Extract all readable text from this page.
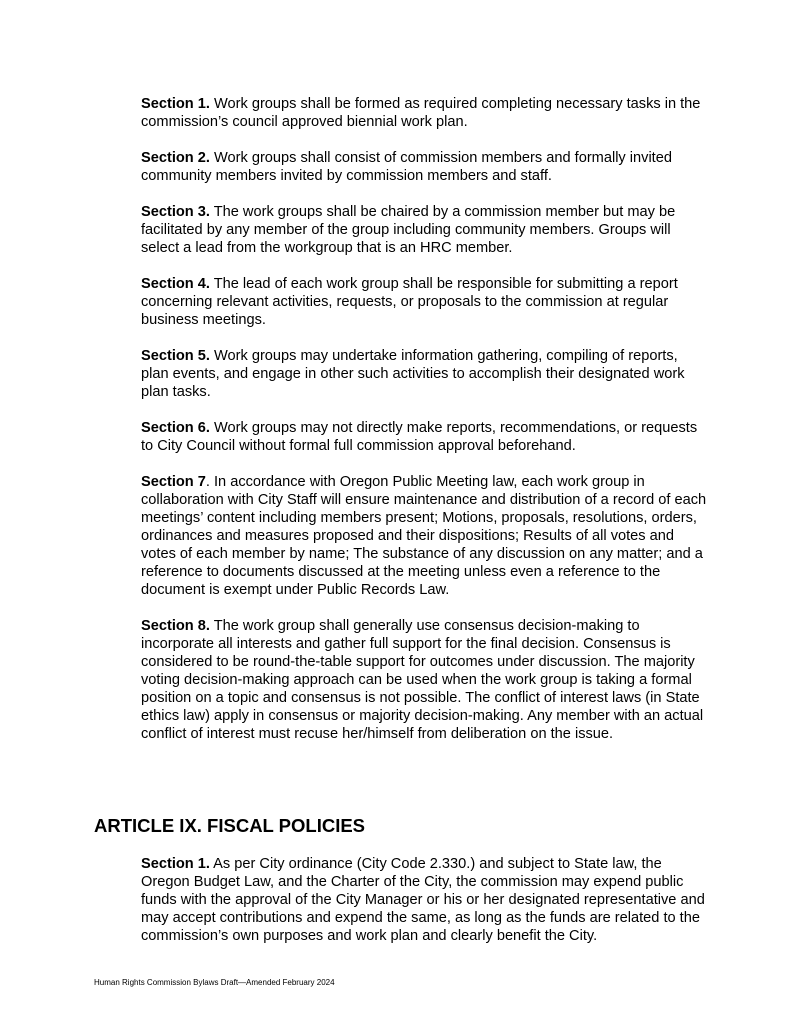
Section 1. Work groups shall be formed as required completing necessary tasks in the commission’s council approved biennial work plan.

Section 2. Work groups shall consist of commission members and formally invited community members invited by commission members and staff.

Section 3. The work groups shall be chaired by a commission member but may be facilitated by any member of the group including community members. Groups will select a lead from the workgroup that is an HRC member.

Section 4. The lead of each work group shall be responsible for submitting a report concerning relevant activities, requests, or proposals to the commission at regular business meetings.

Section 5. Work groups may undertake information gathering, compiling of reports, plan events, and engage in other such activities to accomplish their designated work plan tasks.

Section 6. Work groups may not directly make reports, recommendations, or requests to City Council without formal full commission approval beforehand.

Section 7. In accordance with Oregon Public Meeting law, each work group in collaboration with City Staff will ensure maintenance and distribution of a record of each meetings’ content including members present; Motions, proposals, resolutions, orders, ordinances and measures proposed and their dispositions; Results of all votes and votes of each member by name; The substance of any discussion on any matter; and a reference to documents discussed at the meeting unless even a reference to the document is exempt under Public Records Law.

Section 8. The work group shall generally use consensus decision-making to incorporate all interests and gather full support for the final decision. Consensus is considered to be round-the-table support for outcomes under discussion. The majority voting decision-making approach can be used when the work group is taking a formal position on a topic and consensus is not possible. The conflict of interest laws (in State ethics law) apply in consensus or majority decision-making. Any member with an actual conflict of interest must recuse her/himself from deliberation on the issue.

ARTICLE IX. FISCAL POLICIES

Section 1. As per City ordinance (City Code 2.330.) and subject to State law, the Oregon Budget Law, and the Charter of the City, the commission may expend public funds with the approval of the City Manager or his or her designated representative and may accept contributions and expend the same, as long as the funds are related to the commission’s own purposes and work plan and clearly benefit the City.

Human Rights Commission Bylaws Draft—Amended February 2024
